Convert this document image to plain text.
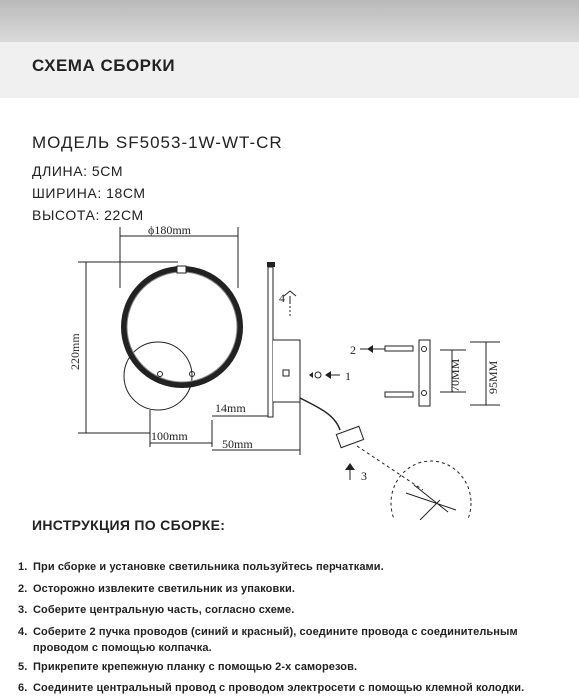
СХЕМА СБОРКИ
МОДЕЛЬ SF5053-1W-WT-CR
ДЛИНА: 5СМ
ШИРИНА: 18СМ
ВЫСОТА: 22СМ
ϕ180mm
220mm
100mm
50mm
14mm
70MM 95MM
1
2
3
4
ИНСТРУКЦИЯ ПО СБОРКЕ:
1. При сборке и установке светильника пользуйтесь перчатками.
2. Осторожно извлеките светильник из упаковки.
3. Соберите центральную часть, согласно схеме.
4. Соберите 2 пучка проводов (синий и красный), соедините провода с соединительным
проводом с помощью колпачка.
5. Прикрепите крепежную планку с помощью 2-х саморезов.
6. Соедините центральный провод с проводом электросети с помощью клемной колодки.
